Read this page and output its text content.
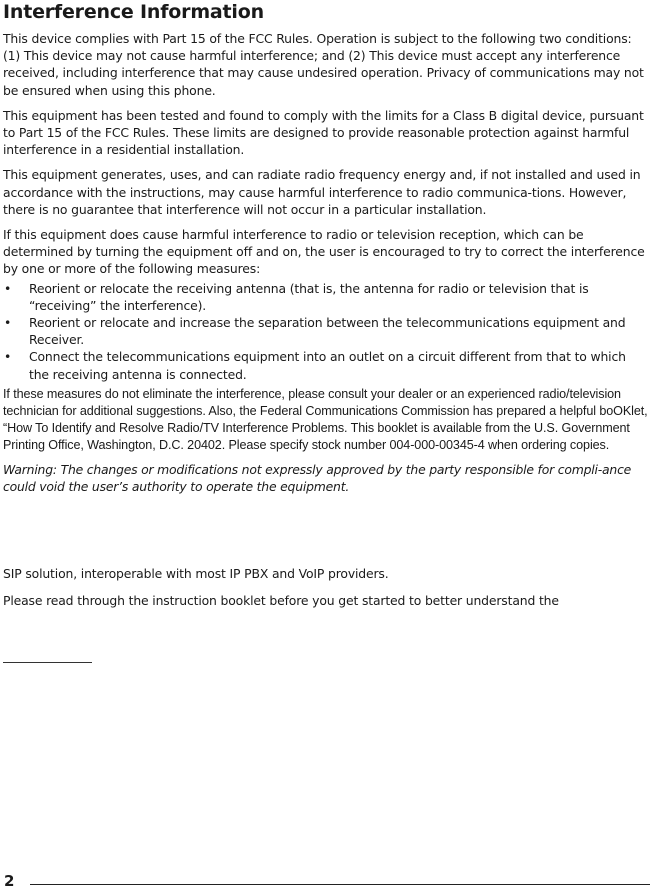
Interference Information

This device complies with Part 15 of the FCC Rules. Operation is subject to the following two conditions: (1) This device may not cause harmful interference; and (2) This device must accept any interference received, including interference that may cause undesired operation. Privacy of communications may not be ensured when using this phone.

This equipment has been tested and found to comply with the limits for a Class B digital device, pursuant to Part 15 of the FCC Rules. These limits are designed to provide reasonable protection against harmful interference in a residential installation.

This equipment generates, uses, and can radiate radio frequency energy and, if not installed and used in accordance with the instructions, may cause harmful interference to radio communica-tions. However, there is no guarantee that interference will not occur in a particular installation.

If this equipment does cause harmful interference to radio or television reception, which can be determined by turning the equipment off and on, the user is encouraged to try to correct the interference by one or more of the following measures:

• Reorient or relocate the receiving antenna (that is, the antenna for radio or television that is “receiving” the interference).
• Reorient or relocate and increase the separation between the telecommunications equipment and Receiver.
• Connect the telecommunications equipment into an outlet on a circuit different from that to which the receiving antenna is connected.

If these measures do not eliminate the interference, please consult your dealer or an experienced radio/television technician for additional suggestions. Also, the Federal Communications Commission has prepared a helpful boOKlet, “How To Identify and Resolve Radio/TV Interference Problems. This booklet is available from the U.S. Government Printing Office, Washington, D.C. 20402. Please specify stock number 004-000-00345-4 when ordering copies.

Warning: The changes or modifications not expressly approved by the party responsible for compli-ance could void the user’s authority to operate the equipment.

SIP solution, interoperable with most IP PBX and VoIP providers.
Please read through the instruction booklet before you get started to better understand the
2
